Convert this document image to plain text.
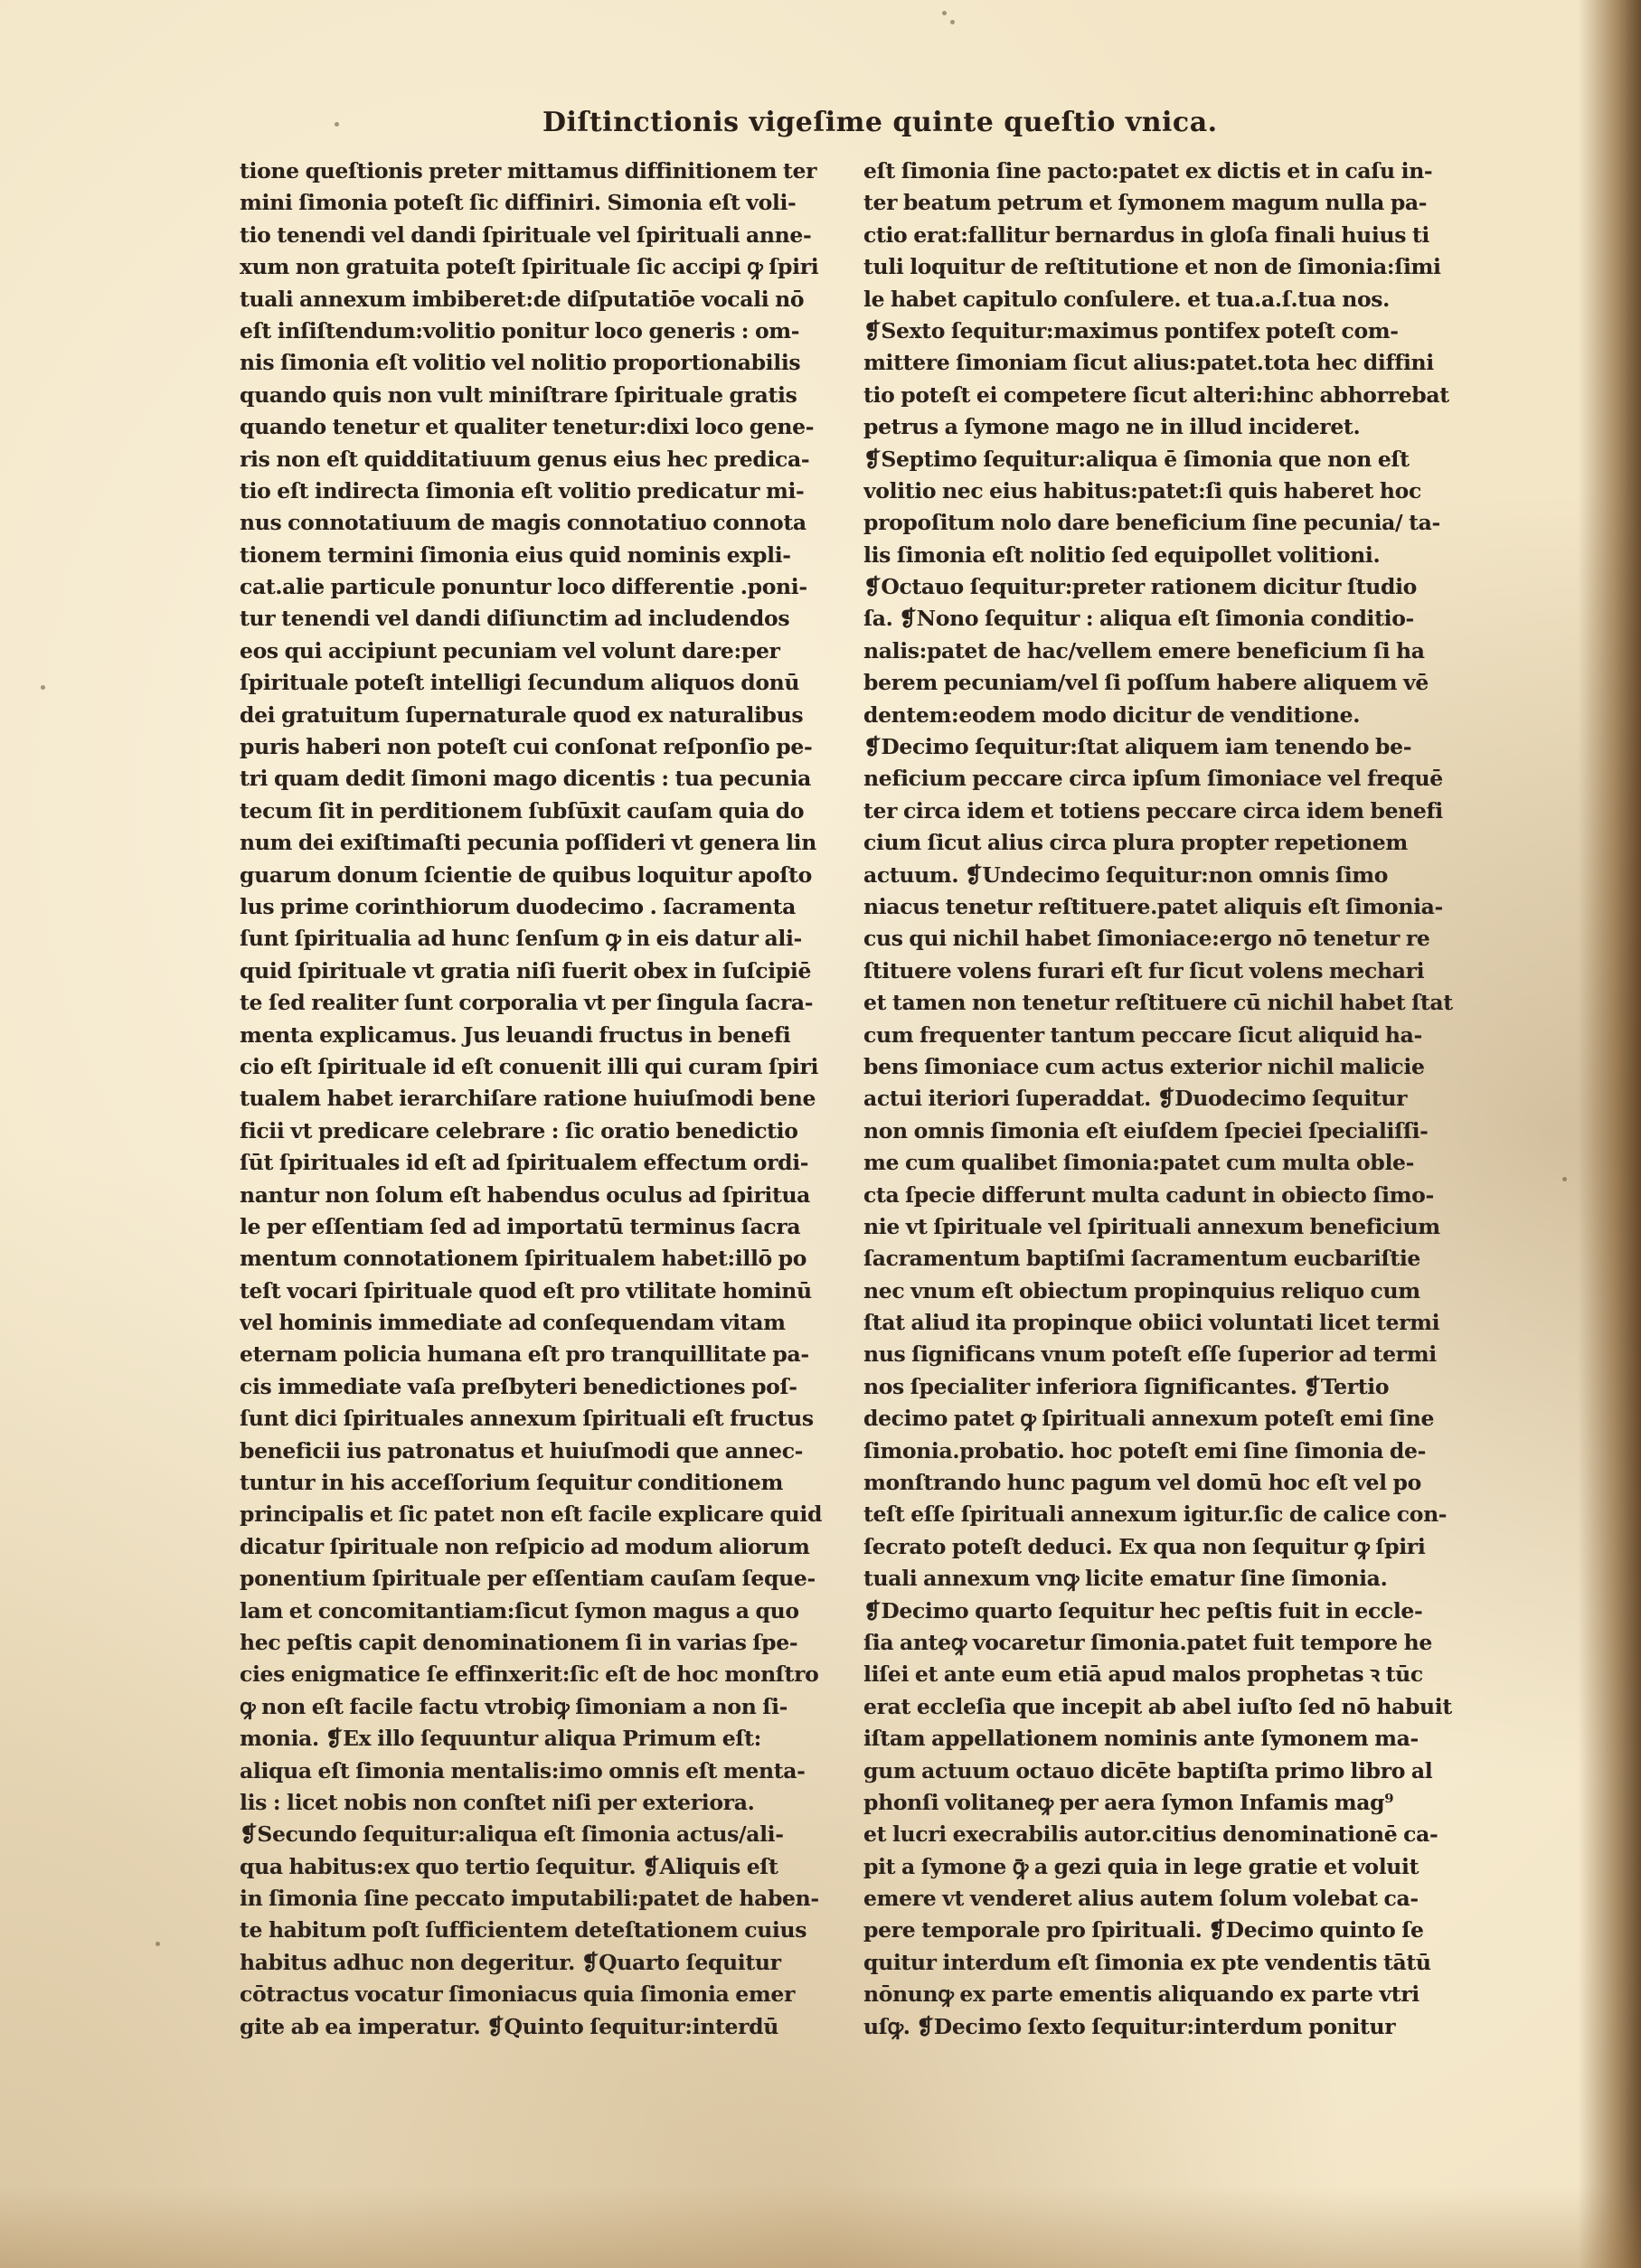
Diſtinctionis vigeſime quinte queſtio vnica.
tione queſtionis preter mittamus diffinitionem ter
mini ſimonia poteſt ſic diffiniri. Simonia eſt voli-
tio tenendi vel dandi ſpirituale vel ſpirituali anne-
xum non gratuita poteſt ſpirituale ſic accipi ꝙ ſpiri
tuali annexum imbiberet:de diſputatiōe vocali nō
eſt inſiſtendum:volitio ponitur loco generis : om-
nis ſimonia eſt volitio vel nolitio proportionabilis
quando quis non vult miniſtrare ſpirituale gratis
quando tenetur et qualiter tenetur:dixi loco gene-
ris non eſt quidditatiuum genus eius hec predica-
tio eſt indirecta ſimonia eſt volitio predicatur mi-
nus connotatiuum de magis connotatiuo connota
tionem termini ſimonia eius quid nominis expli-
cat.alie particule ponuntur loco differentie .poni-
tur tenendi vel dandi diſiunctim ad includendos
eos qui accipiunt pecuniam vel volunt dare:per
ſpirituale poteſt intelligi ſecundum aliquos donū
dei gratuitum ſupernaturale quod ex naturalibus
puris haberi non poteſt cui conſonat reſponſio pe-
tri quam dedit ſimoni mago dicentis : tua pecunia
tecum ſit in perditionem ſubſūxit cauſam quia do
num dei exiſtimaſti pecunia poſſideri vt genera lin
guarum donum ſcientie de quibus loquitur apoſto
lus prime corinthiorum duodecimo . ſacramenta
ſunt ſpiritualia ad hunc ſenſum ꝙ in eis datur ali-
quid ſpirituale vt gratia niſi fuerit obex in ſuſcipiē
te ſed realiter ſunt corporalia vt per ſingula ſacra-
menta explicamus. Jus leuandi fructus in benefi
cio eſt ſpirituale id eſt conuenit illi qui curam ſpiri
tualem habet ierarchiſare ratione huiuſmodi bene
ficii vt predicare celebrare : ſic oratio benedictio
ſūt ſpirituales id eſt ad ſpiritualem effectum ordi-
nantur non ſolum eſt habendus oculus ad ſpiritua
le per eſſentiam ſed ad importatū terminus ſacra
mentum connotationem ſpiritualem habet:illō po
teſt vocari ſpirituale quod eſt pro vtilitate hominū
vel hominis immediate ad conſequendam vitam
eternam policia humana eſt pro tranquillitate pa-
cis immediate vaſa preſbyteri benedictiones poſ-
ſunt dici ſpirituales annexum ſpirituali eſt fructus
beneficii ius patronatus et huiuſmodi que annec-
tuntur in his acceſſorium ſequitur conditionem
principalis et ſic patet non eſt facile explicare quid
dicatur ſpirituale non reſpicio ad modum aliorum
ponentium ſpirituale per eſſentiam cauſam ſeque-
lam et concomitantiam:ſicut ſymon magus a quo
hec peſtis capit denominationem ſi in varias ſpe-
cies enigmatice ſe effinxerit:ſic eſt de hoc monſtro
ꝙ non eſt facile factu vtrobiꝙ ſimoniam a non ſi-
monia. ❡Ex illo ſequuntur aliqua Primum eſt:
aliqua eſt ſimonia mentalis:imo omnis eſt menta-
lis : licet nobis non conſtet niſi per exteriora.
❡Secundo ſequitur:aliqua eſt ſimonia actus/ali-
qua habitus:ex quo tertio ſequitur. ❡Aliquis eſt
in ſimonia ſine peccato imputabili:patet de haben-
te habitum poſt ſufficientem deteſtationem cuius
habitus adhuc non degeritur. ❡Quarto ſequitur
cōtractus vocatur ſimoniacus quia ſimonia emer
gite ab ea imperatur. ❡Quinto ſequitur:interdū
eſt ſimonia ſine pacto:patet ex dictis et in caſu in-
ter beatum petrum et ſymonem magum nulla pa-
ctio erat:fallitur bernardus in gloſa finali huius ti
tuli loquitur de reſtitutione et non de ſimonia:ſimi
le habet capitulo conſulere. et tua.a.ſ.tua nos.
❡Sexto ſequitur:maximus pontifex poteſt com-
mittere ſimoniam ſicut alius:patet.tota hec diffini
tio poteſt ei competere ſicut alteri:hinc abhorrebat
petrus a ſymone mago ne in illud incideret.
❡Septimo ſequitur:aliqua ē ſimonia que non eſt
volitio nec eius habitus:patet:ſi quis haberet hoc
propoſitum nolo dare beneficium ſine pecunia/ ta-
lis ſimonia eſt nolitio ſed equipollet volitioni.
❡Octauo ſequitur:preter rationem dicitur ſtudio
ſa. ❡Nono ſequitur : aliqua eſt ſimonia conditio-
nalis:patet de hac/vellem emere beneficium ſi ha
berem pecuniam/vel ſi poſſum habere aliquem vē
dentem:eodem modo dicitur de venditione.
❡Decimo ſequitur:ſtat aliquem iam tenendo be-
neficium peccare circa ipſum ſimoniace vel frequē
ter circa idem et totiens peccare circa idem benefi
cium ſicut alius circa plura propter repetionem
actuum. ❡Undecimo ſequitur:non omnis ſimo
niacus tenetur reſtituere.patet aliquis eſt ſimonia-
cus qui nichil habet ſimoniace:ergo nō tenetur re
ſtituere volens furari eſt fur ſicut volens mechari
et tamen non tenetur reſtituere cū nichil habet ſtat
cum frequenter tantum peccare ſicut aliquid ha-
bens ſimoniace cum actus exterior nichil malicie
actui iteriori ſuperaddat. ❡Duodecimo ſequitur
non omnis ſimonia eſt eiuſdem ſpeciei ſpecialiſſi-
me cum qualibet ſimonia:patet cum multa oble-
cta ſpecie differunt multa cadunt in obiecto ſimo-
nie vt ſpirituale vel ſpirituali annexum beneficium
ſacramentum baptiſmi ſacramentum eucbariſtie
nec vnum eſt obiectum propinquius reliquo cum
ſtat aliud ita propinque obiici voluntati licet termi
nus ſignificans vnum poteſt eſſe ſuperior ad termi
nos ſpecialiter inferiora ſignificantes. ❡Tertio
decimo patet ꝙ ſpirituali annexum poteſt emi ſine
ſimonia.probatio. hoc poteſt emi ſine ſimonia de-
monſtrando hunc pagum vel domū hoc eſt vel po
teſt eſſe ſpirituali annexum igitur.ſic de calice con-
ſecrato poteſt deduci. Ex qua non ſequitur ꝙ ſpiri
tuali annexum vnꝙ licite ematur ſine ſimonia.
❡Decimo quarto ſequitur hec peſtis fuit in eccle-
ſia anteꝙ vocaretur ſimonia.patet fuit tempore he
liſei et ante eum etiā apud malos prophetas ꝛ tūc
erat eccleſia que incepit ab abel iuſto ſed nō habuit
iſtam appellationem nominis ante ſymonem ma-
gum actuum octauo dicēte baptiſta primo libro al
phonſi volitaneꝙ per aera ſymon Infamis mag⁹
et lucri execrabilis autor.citius denominationē ca-
pit a ſymone ꝙ̄ a gezi quia in lege gratie et voluit
emere vt venderet alius autem ſolum volebat ca-
pere temporale pro ſpirituali. ❡Decimo quinto ſe
quitur interdum eſt ſimonia ex pte vendentis tātū
nōnunꝙ ex parte ementis aliquando ex parte vtri
uſꝙ. ❡Decimo ſexto ſequitur:interdum ponitur
